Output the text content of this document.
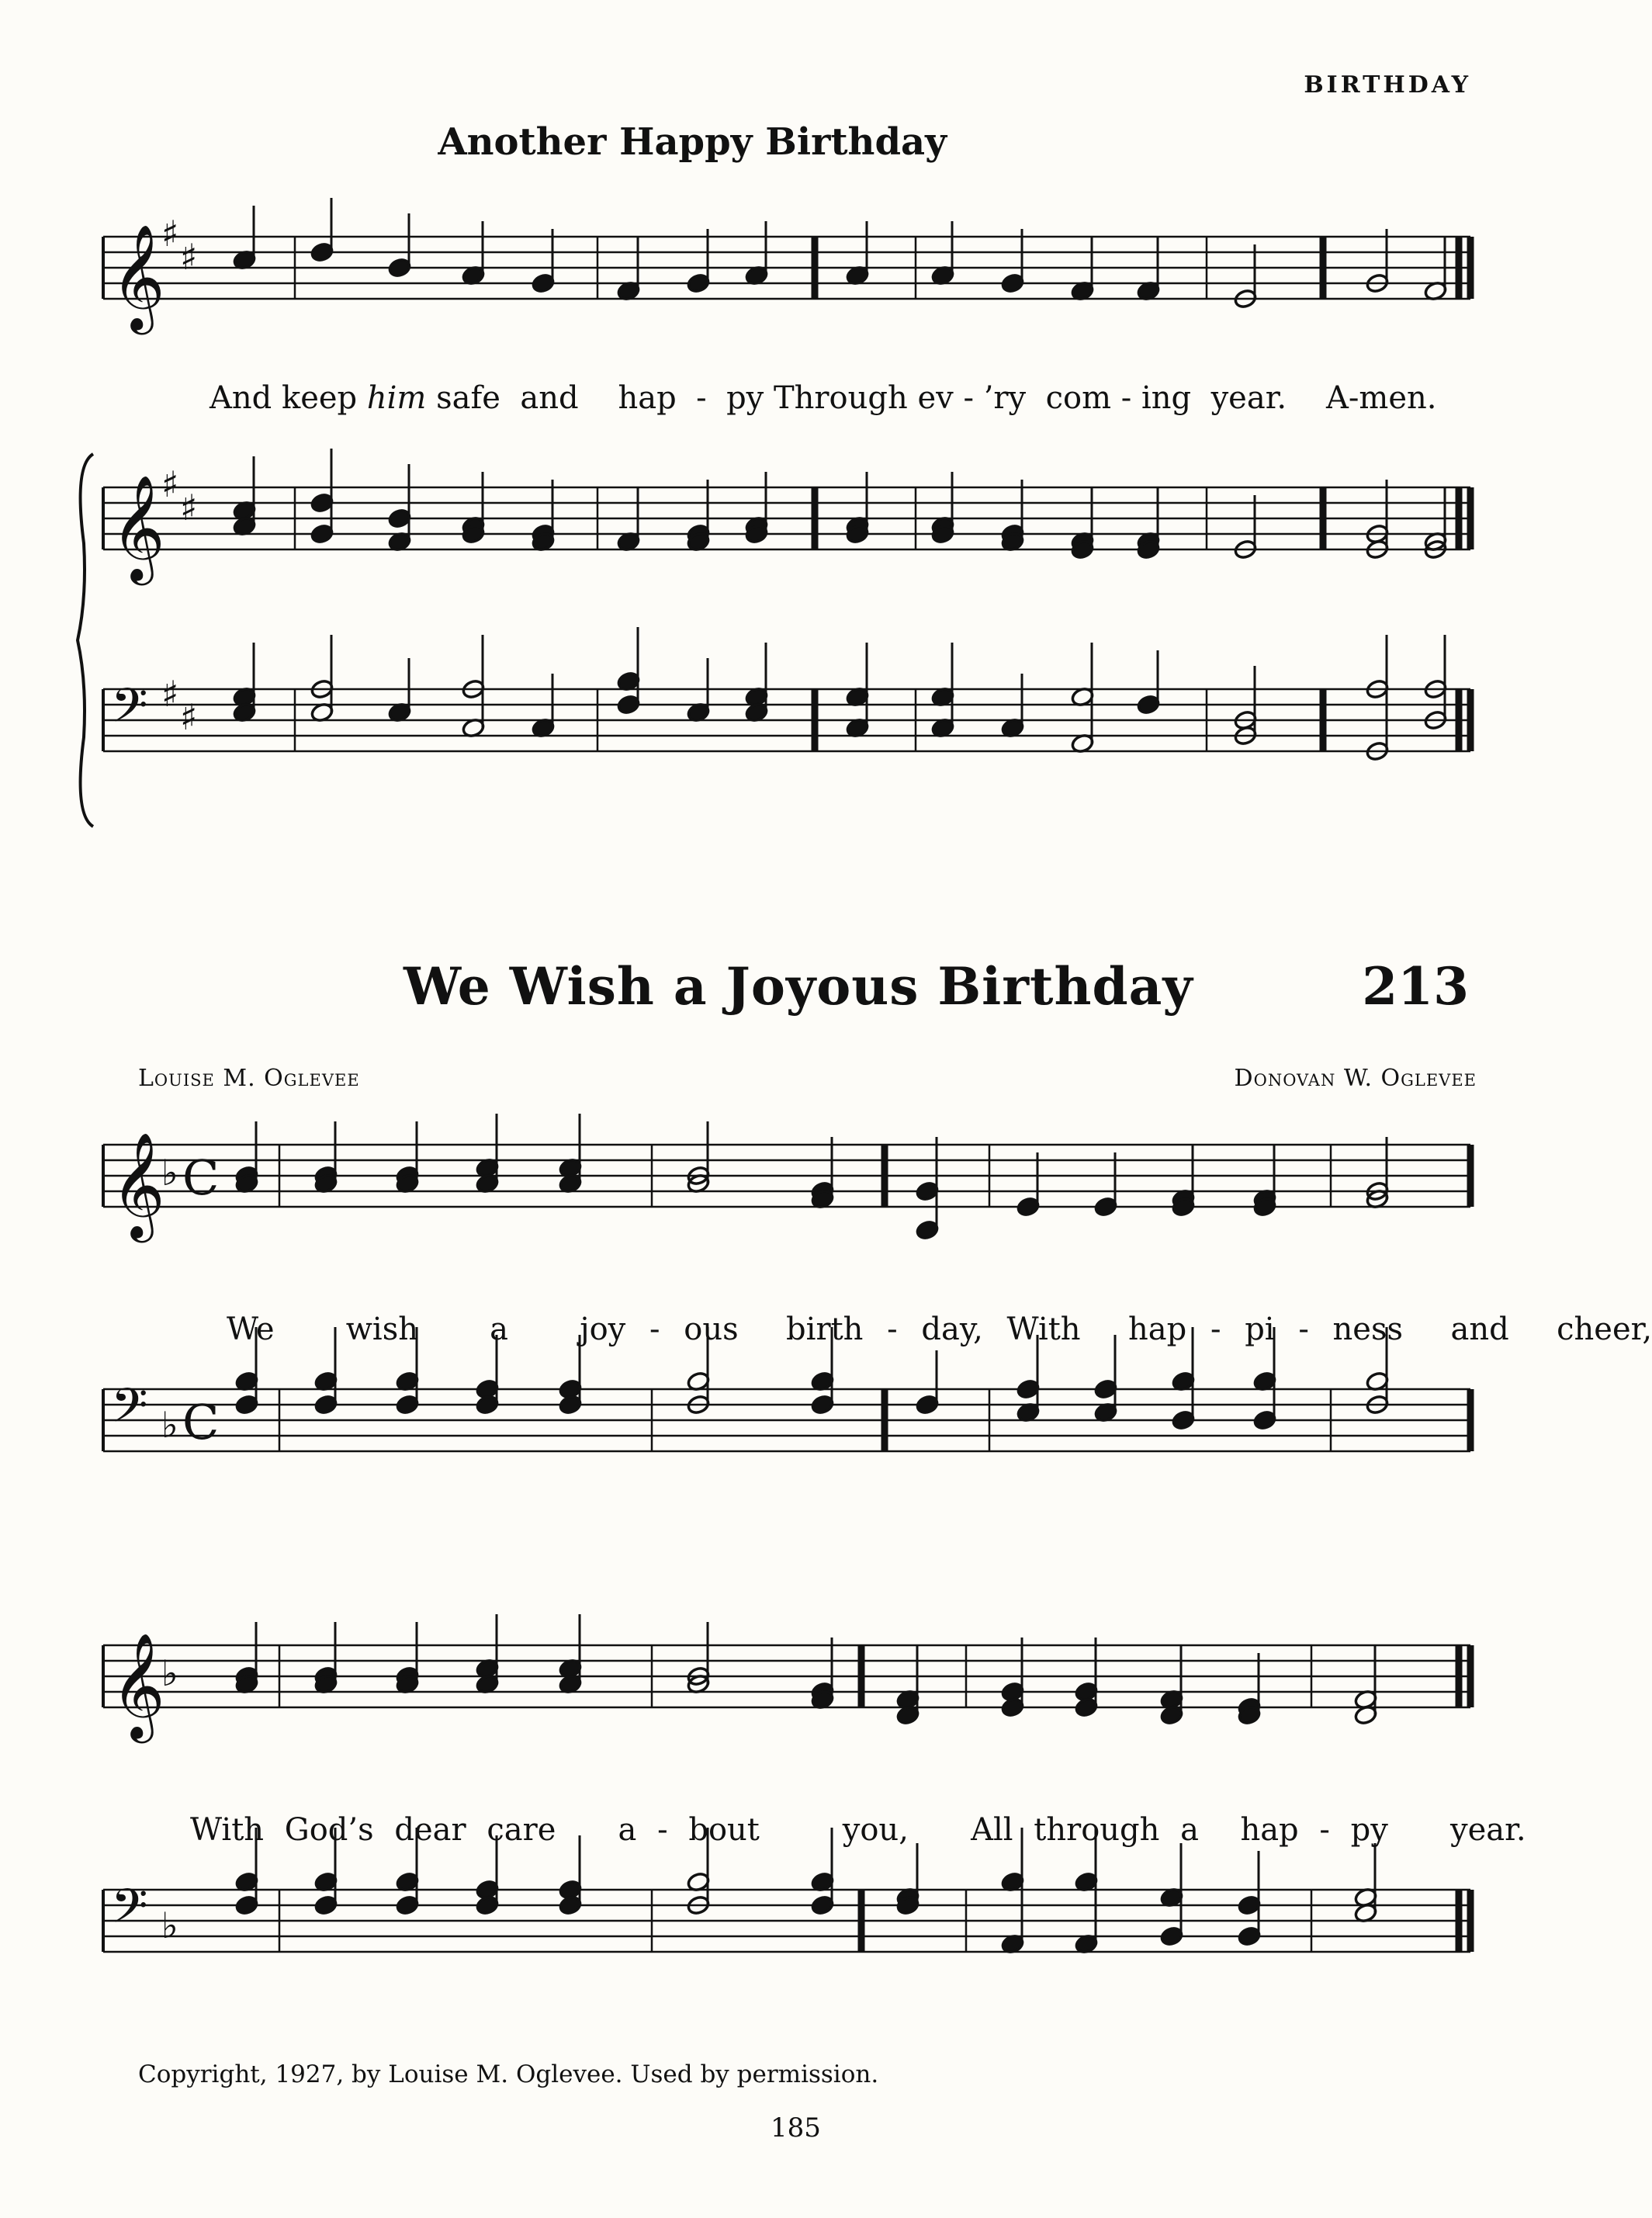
BIRTHDAY
Another Happy Birthday
𝄞
♯
♯
𝄞
♯
♯
𝄢 ♯
♯
𝄞
♭ C
𝄢 ♭ C
𝄞
♭
𝄢 ♭
And keep him safe and hap - py Through ev - ’ry com - ing year. A-men.
We Wish a Joyous Birthday	213
Louise M. Oglevee	Donovan W. Oglevee
We wish a joy - ous birth - day, With hap - pi - ness and cheer,
With God’s dear care a - bout	you, All through a hap - py year.
Copyright, 1927, by Louise M. Oglevee. Used by permission.
185
